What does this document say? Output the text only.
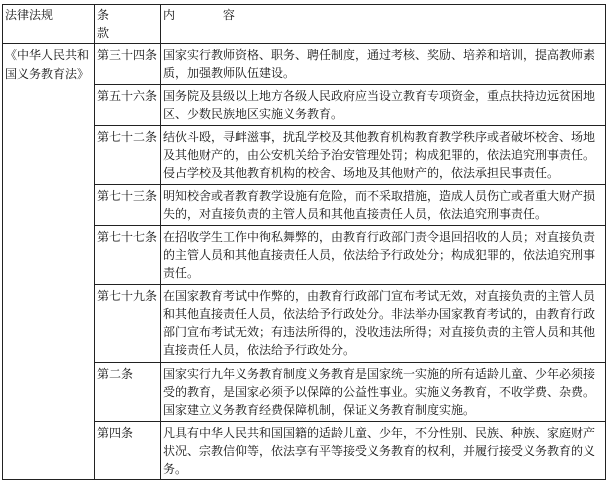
法律法规	条 款	内 容
《中华人民共和国义务教育法》	第三十四条	国家实行教师资格、职务、聘任制度，通过考核、奖励、培养和培训，提高教师素质，加强教师队伍建设。
	第五十六条	国务院及县级以上地方各级人民政府应当设立教育专项资金，重点扶持边远贫困地区、少数民族地区实施义务教育。
	第七十二条	结伙斗殴，寻衅滋事，扰乱学校及其他教育机构教育教学秩序或者破坏校舍、场地及其他财产的，由公安机关给予治安管理处罚；构成犯罪的，依法追究刑事责任。侵占学校及其他教育机构的校舍、场地及其他财产的，依法承担民事责任。
	第七十三条	明知校舍或者教育教学设施有危险，而不采取措施，造成人员伤亡或者重大财产损失的，对直接负责的主管人员和其他直接责任人员，依法追究刑事责任。
	第七十七条	在招收学生工作中徇私舞弊的，由教育行政部门责令退回招收的人员；对直接负责的主管人员和其他直接责任人员，依法给予行政处分；构成犯罪的，依法追究刑事责任。
	第七十九条	在国家教育考试中作弊的，由教育行政部门宣布考试无效，对直接负责的主管人员和其他直接责任人员，依法给予行政处分。非法举办国家教育考试的，由教育行政部门宣布考试无效；有违法所得的，没收违法所得；对直接负责的主管人员和其他直接责任人员，依法给予行政处分。
	第二条	国家实行九年义务教育制度义务教育是国家统一实施的所有适龄儿童、少年必须接受的教育，是国家必须予以保障的公益性事业。实施义务教育，不收学费、杂费。国家建立义务教育经费保障机制，保证义务教育制度实施。
	第四条	凡具有中华人民共和国国籍的适龄儿童、少年，不分性别、民族、种族、家庭财产状况、宗教信仰等，依法享有平等接受义务教育的权利，并履行接受义务教育的义务。
